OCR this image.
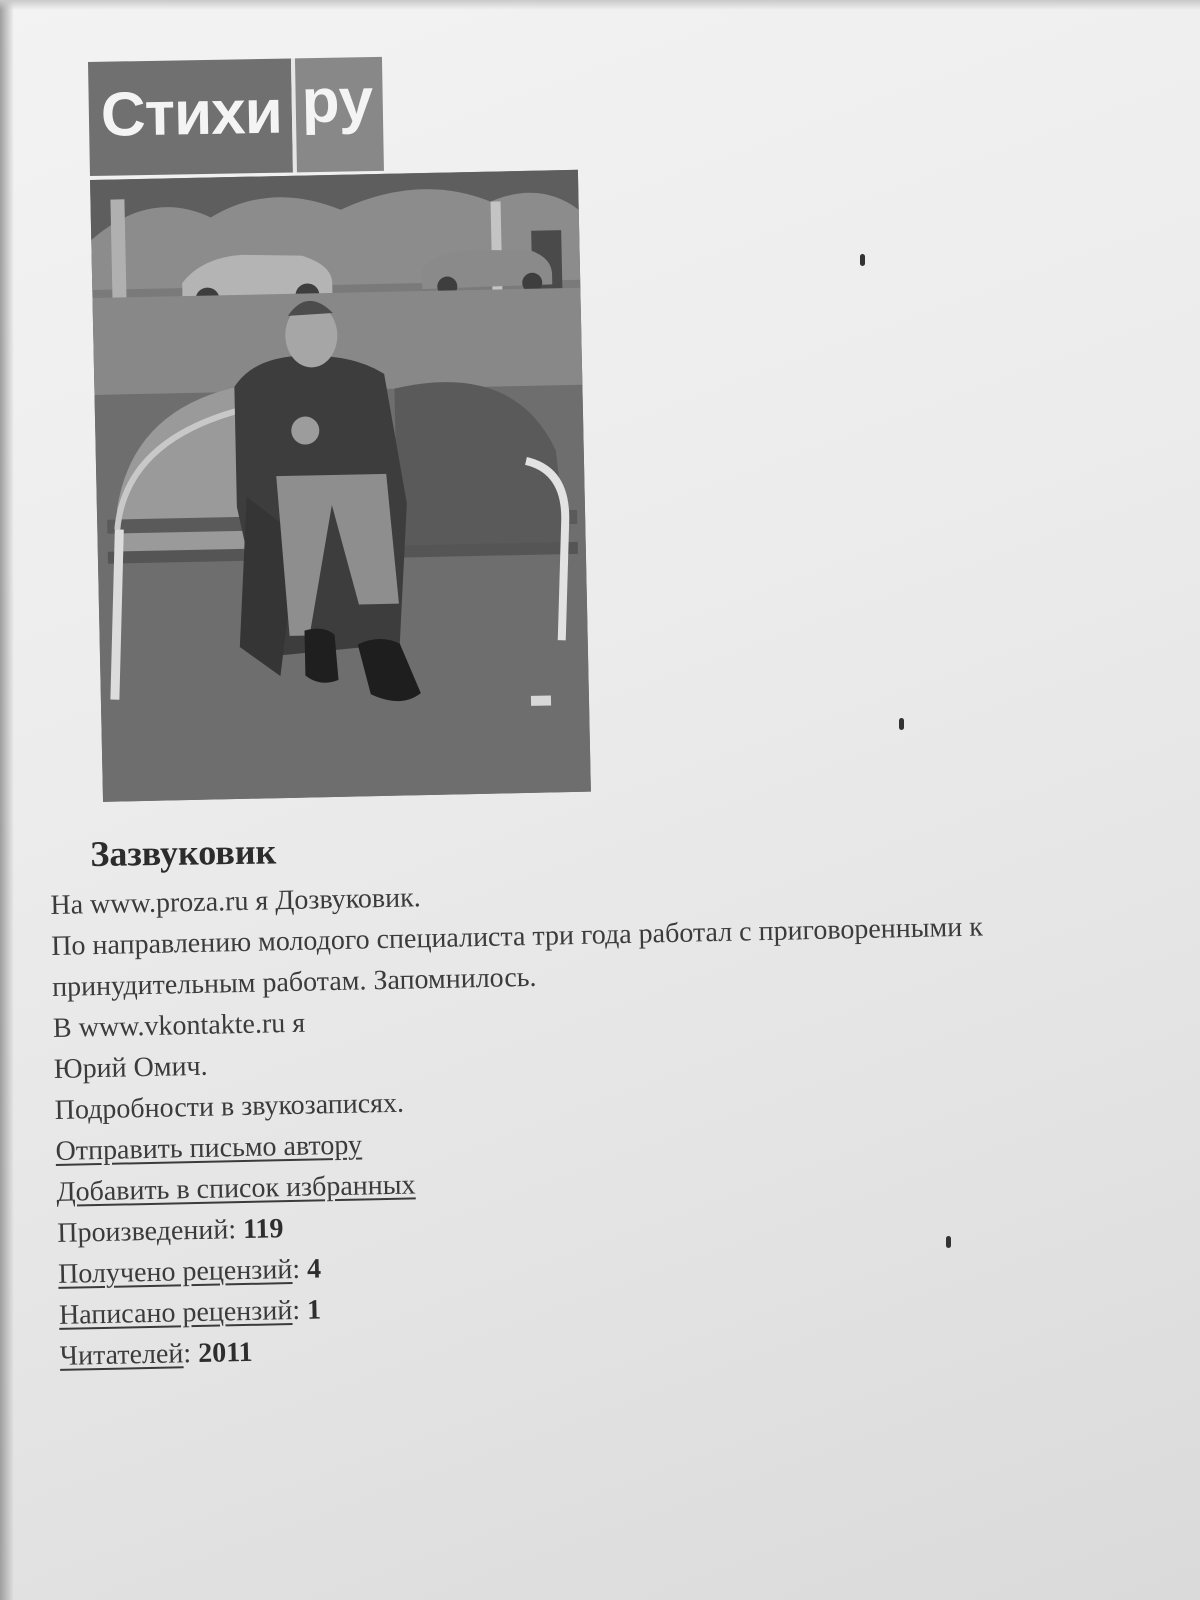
Стихи ру
Зазвуковик
На www.proza.ru я Дозвуковик.
По направлению молодого специалиста три года работал с приговоренными к
принудительным работам. Запомнилось.
В www.vkontakte.ru я
Юрий Омич.
Подробности в звукозаписях.
Отправить письмо автору
Добавить в список избранных
Произведений: 119
Получено рецензий: 4
Написано рецензий: 1
Читателей: 2011
